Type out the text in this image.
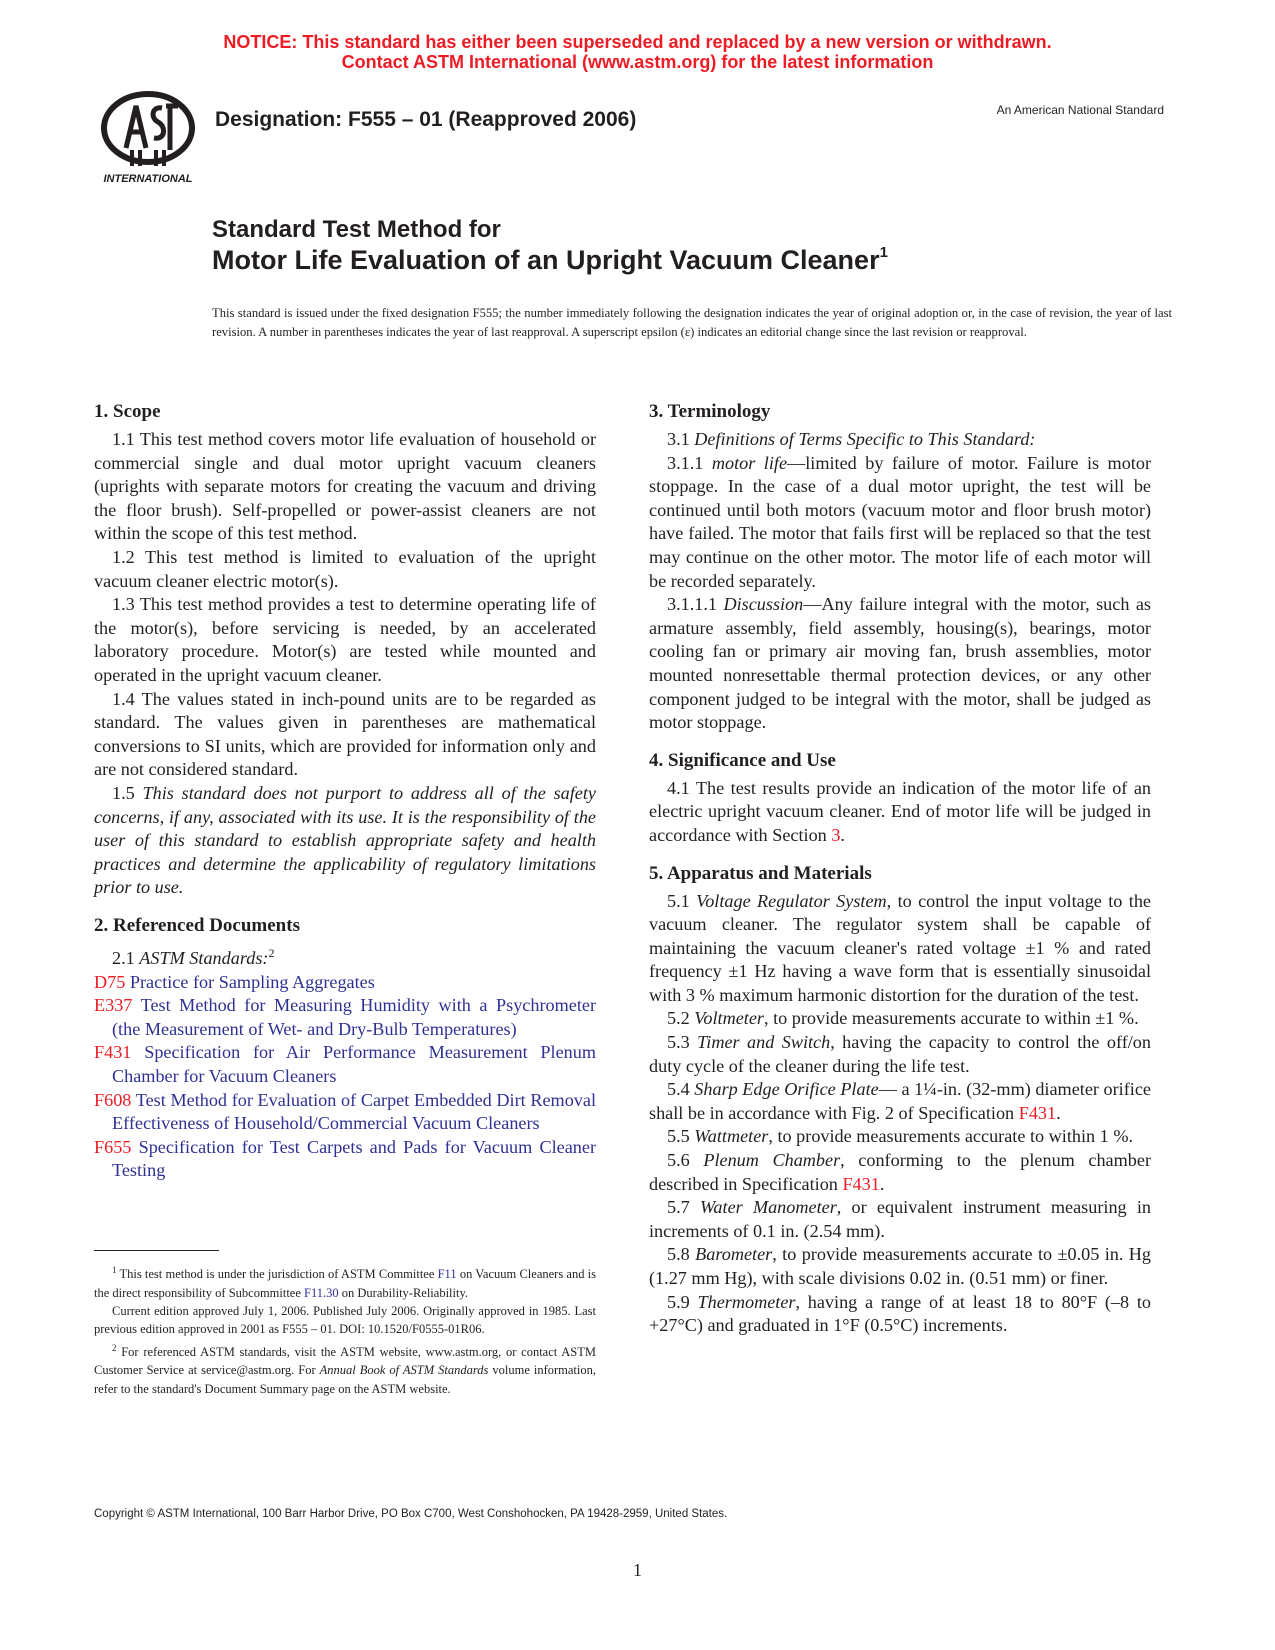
NOTICE: This standard has either been superseded and replaced by a new version or withdrawn.
Contact ASTM International (www.astm.org) for the latest information
INTERNATIONAL
Designation: F555 – 01 (Reapproved 2006)	An American National Standard
Standard Test Method for
Motor Life Evaluation of an Upright Vacuum Cleaner$^1$
This standard is issued under the fixed designation F555; the number immediately following the designation indicates the year of original adoption or, in the case of revision, the year of last revision. A number in parentheses indicates the year of last reapproval. A superscript epsilon (ε) indicates an editorial change since the last revision or reapproval.
1. Scope

1.1 This test method covers motor life evaluation of household or commercial single and dual motor upright vacuum cleaners (uprights with separate motors for creating the vacuum and driving the floor brush). Self-propelled or power-assist cleaners are not within the scope of this test method.

1.2 This test method is limited to evaluation of the upright vacuum cleaner electric motor(s).

1.3 This test method provides a test to determine operating life of the motor(s), before servicing is needed, by an accelerated laboratory procedure. Motor(s) are tested while mounted and operated in the upright vacuum cleaner.

1.4 The values stated in inch-pound units are to be regarded as standard. The values given in parentheses are mathematical conversions to SI units, which are provided for information only and are not considered standard.

1.5 This standard does not purport to address all of the safety concerns, if any, associated with its use. It is the responsibility of the user of this standard to establish appropriate safety and health practices and determine the applicability of regulatory limitations prior to use.

2. Referenced Documents

2.1 ASTM Standards:$^2$

D75 Practice for Sampling Aggregates
E337 Test Method for Measuring Humidity with a Psychrometer (the Measurement of Wet- and Dry-Bulb Temperatures)
F431 Specification for Air Performance Measurement Plenum Chamber for Vacuum Cleaners
F608 Test Method for Evaluation of Carpet Embedded Dirt Removal Effectiveness of Household/Commercial Vacuum Cleaners
F655 Specification for Test Carpets and Pads for Vacuum Cleaner Testing

$^1$ This test method is under the jurisdiction of ASTM Committee F11 on Vacuum Cleaners and is the direct responsibility of Subcommittee F11.30 on Durability-Reliability.

Current edition approved July 1, 2006. Published July 2006. Originally approved in 1985. Last previous edition approved in 2001 as F555 – 01. DOI: 10.1520/F0555-01R06.

$^2$ For referenced ASTM standards, visit the ASTM website, www.astm.org, or contact ASTM Customer Service at service@astm.org. For Annual Book of ASTM Standards volume information, refer to the standard's Document Summary page on the ASTM website.

3. Terminology

3.1 Definitions of Terms Specific to This Standard:

3.1.1 motor life—limited by failure of motor. Failure is motor stoppage. In the case of a dual motor upright, the test will be continued until both motors (vacuum motor and floor brush motor) have failed. The motor that fails first will be replaced so that the test may continue on the other motor. The motor life of each motor will be recorded separately.

3.1.1.1 Discussion—Any failure integral with the motor, such as armature assembly, field assembly, housing(s), bearings, motor cooling fan or primary air moving fan, brush assemblies, motor mounted nonresettable thermal protection devices, or any other component judged to be integral with the motor, shall be judged as motor stoppage.

4. Significance and Use

4.1 The test results provide an indication of the motor life of an electric upright vacuum cleaner. End of motor life will be judged in accordance with Section 3.

5. Apparatus and Materials

5.1 Voltage Regulator System, to control the input voltage to the vacuum cleaner. The regulator system shall be capable of maintaining the vacuum cleaner's rated voltage ±1 % and rated frequency ±1 Hz having a wave form that is essentially sinusoidal with 3 % maximum harmonic distortion for the duration of the test.

5.2 Voltmeter, to provide measurements accurate to within ±1 %.

5.3 Timer and Switch, having the capacity to control the off/on duty cycle of the cleaner during the life test.

5.4 Sharp Edge Orifice Plate— a 1¼-in. (32-mm) diameter orifice shall be in accordance with Fig. 2 of Specification F431.

5.5 Wattmeter, to provide measurements accurate to within 1 %.

5.6 Plenum Chamber, conforming to the plenum chamber described in Specification F431.

5.7 Water Manometer, or equivalent instrument measuring in increments of 0.1 in. (2.54 mm).

5.8 Barometer, to provide measurements accurate to ±0.05 in. Hg (1.27 mm Hg), with scale divisions 0.02 in. (0.51 mm) or finer.

5.9 Thermometer, having a range of at least 18 to 80°F (–8 to +27°C) and graduated in 1°F (0.5°C) increments.

Copyright © ASTM International, 100 Barr Harbor Drive, PO Box C700, West Conshohocken, PA 19428-2959, United States.
1
